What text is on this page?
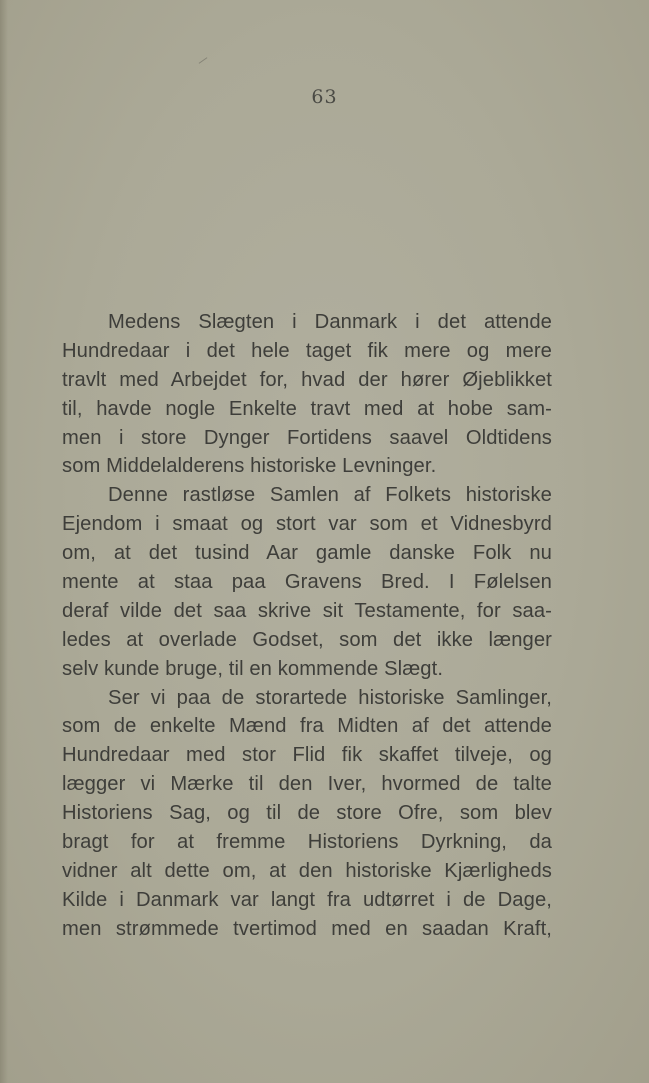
63
Medens Slægten i Danmark i det attende
Hundredaar i det hele taget fik mere og mere
travlt med Arbejdet for, hvad der hører Øjeblikket
til, havde nogle Enkelte travt med at hobe sam-
men i store Dynger Fortidens saavel Oldtidens
som Middelalderens historiske Levninger.
Denne rastløse Samlen af Folkets historiske
Ejendom i smaat og stort var som et Vidnesbyrd
om, at det tusind Aar gamle danske Folk nu
mente at staa paa Gravens Bred. I Følelsen
deraf vilde det saa skrive sit Testamente, for saa-
ledes at overlade Godset, som det ikke længer
selv kunde bruge, til en kommende Slægt.
Ser vi paa de storartede historiske Samlinger,
som de enkelte Mænd fra Midten af det attende
Hundredaar med stor Flid fik skaffet tilveje, og
lægger vi Mærke til den Iver, hvormed de talte
Historiens Sag, og til de store Ofre, som blev
bragt for at fremme Historiens Dyrkning, da
vidner alt dette om, at den historiske Kjærligheds
Kilde i Danmark var langt fra udtørret i de Dage,
men strømmede tvertimod med en saadan Kraft,
